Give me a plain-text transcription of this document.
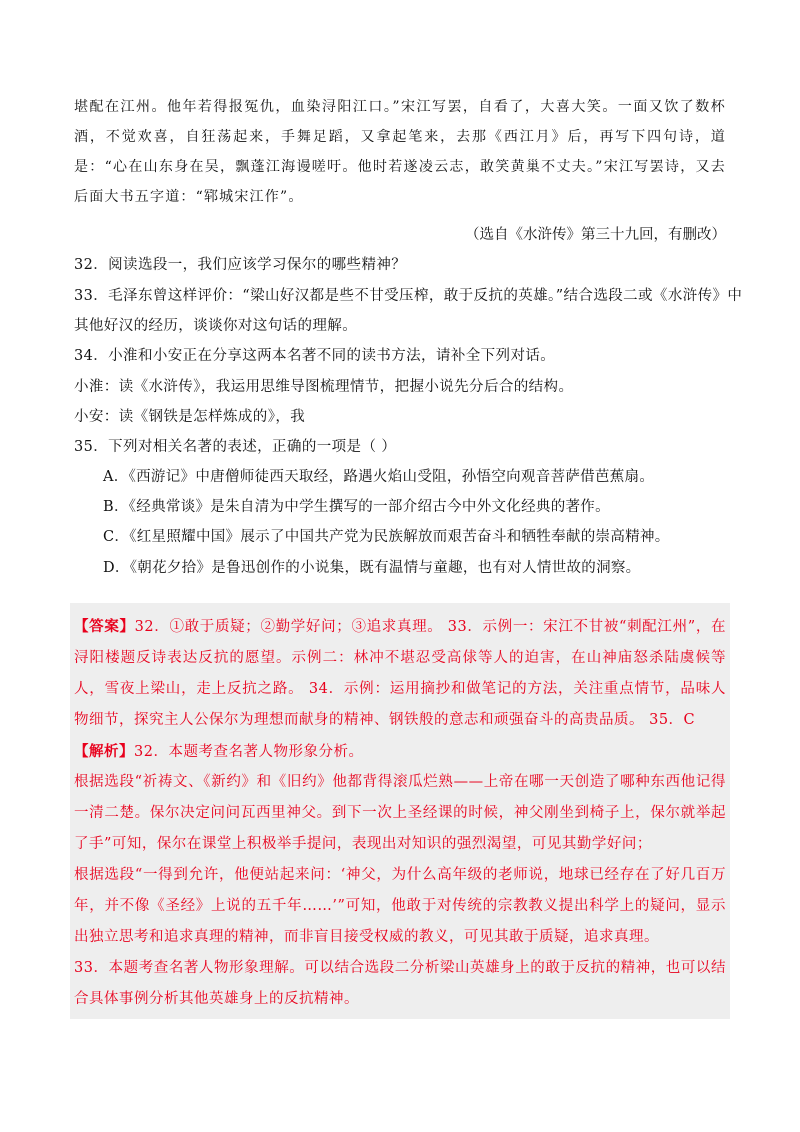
堪配在江州。他年若得报冤仇，血染浔阳江口。”宋江写罢，自看了，大喜大笑。一面又饮了数杯酒，不觉欢喜，自狂荡起来，手舞足蹈，又拿起笔来，去那《西江月》后，再写下四句诗，道是：“心在山东身在吴，飘蓬江海谩嗟吁。他时若遂凌云志，敢笑黄巢不丈夫。”宋江写罢诗，又去后面大书五字道：“郓城宋江作”。

（选自《水浒传》第三十九回，有删改）
32．阅读选段一，我们应该学习保尔的哪些精神？
33．毛泽东曾这样评价：“梁山好汉都是些不甘受压榨，敢于反抗的英雄。”结合选段二或《水浒传》中
其他好汉的经历，谈谈你对这句话的理解。
34．小淮和小安正在分享这两本名著不同的读书方法，请补全下列对话。
小淮：读《水浒传》，我运用思维导图梳理情节，把握小说先分后合的结构。
小安：读《钢铁是怎样炼成的》，我
35．下列对相关名著的表述，正确的一项是（ ）
A．《西游记》中唐僧师徒西天取经，路遇火焰山受阻，孙悟空向观音菩萨借芭蕉扇。
B．《经典常谈》是朱自清为中学生撰写的一部介绍古今中外文化经典的著作。
C．《红星照耀中国》展示了中国共产党为民族解放而艰苦奋斗和牺牲奉献的崇高精神。
D．《朝花夕拾》是鲁迅创作的小说集，既有温情与童趣，也有对人情世故的洞察。

【答案】32．①敢于质疑；②勤学好问；③追求真理。 33．示例一：宋江不甘被“刺配江州”，在浔阳楼题反诗表达反抗的愿望。示例二：林冲不堪忍受高俅等人的迫害，在山神庙怒杀陆虞候等人，雪夜上梁山，走上反抗之路。 34．示例：运用摘抄和做笔记的方法，关注重点情节，品味人物细节，探究主人公保尔为理想而献身的精神、钢铁般的意志和顽强奋斗的高贵品质。 35．C

【解析】32．本题考查名著人物形象分析。

根据选段“祈祷文、《新约》和《旧约》他都背得滚瓜烂熟——上帝在哪一天创造了哪种东西他记得一清二楚。保尔决定问问瓦西里神父。到下一次上圣经课的时候，神父刚坐到椅子上，保尔就举起了手”可知，保尔在课堂上积极举手提问，表现出对知识的强烈渴望，可见其勤学好问；

根据选段“一得到允许，他便站起来问：‘神父，为什么高年级的老师说，地球已经存在了好几百万年，并不像《圣经》上说的五千年……’”可知，他敢于对传统的宗教教义提出科学上的疑问，显示出独立思考和追求真理的精神，而非盲目接受权威的教义，可见其敢于质疑，追求真理。

33．本题考查名著人物形象理解。可以结合选段二分析梁山英雄身上的敢于反抗的精神，也可以结合具体事例分析其他英雄身上的反抗精神。
